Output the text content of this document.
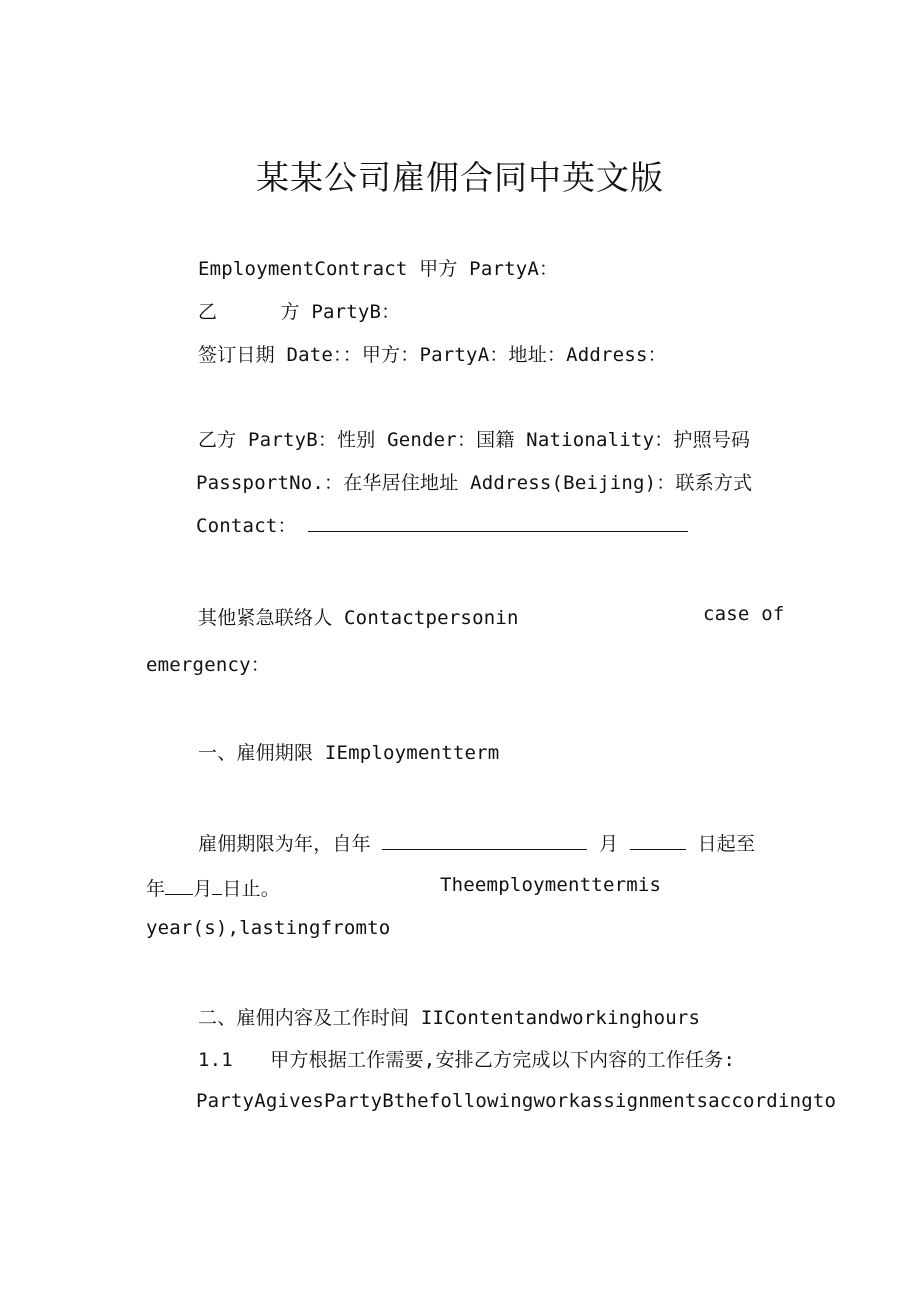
某某公司雇佣合同中英文版
EmploymentContract 甲方 PartyA：
乙	方 PartyB：
签订日期 Date：：甲方：PartyA：地址：Address：
乙方 PartyB：性别 Gender：国籍 Nationality：护照号码
PassportNo.：在华居住地址 Address(Beijing)：联系方式
Contact：
其他紧急联络人 Contactpersonin	case of
emergency：
一、雇佣期限 IEmploymentterm
雇佣期限为年，自年	月	日起至
年 月 日止。	Theemploymenttermis
year(s),lastingfromto
二、雇佣内容及工作时间 IIContentandworkinghours
1.1 甲方根据工作需要,安排乙方完成以下内容的工作任务:
PartyAgivesPartyBthefollowingworkassignmentsaccordingto
